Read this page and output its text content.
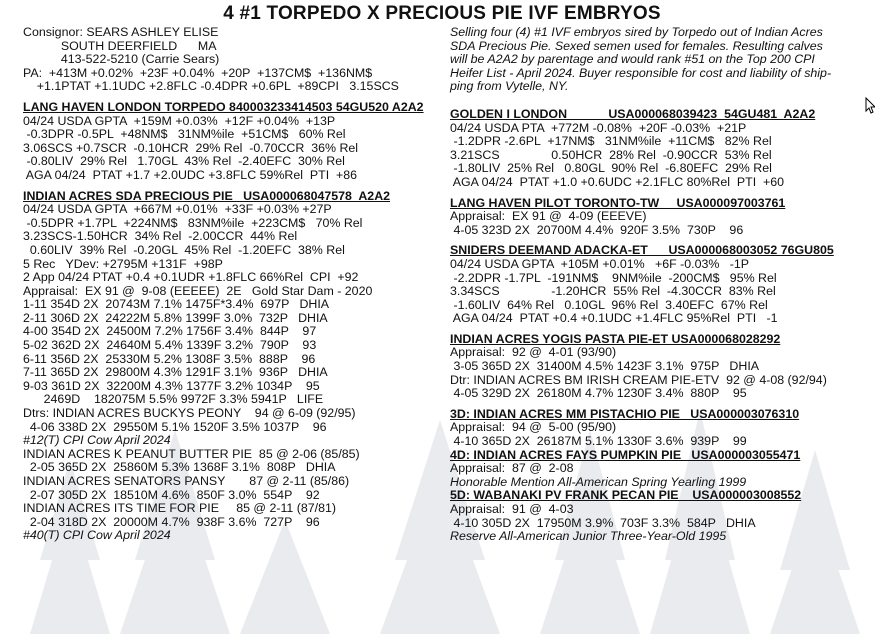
4 #1 TORPEDO X PRECIOUS PIE IVF EMBRYOS
Consignor: SEARS ASHLEY ELISE
SOUTH DEERFIELD      MA
413-522-5210 (Carrie Sears)
PA:  +413M +0.02%  +23F +0.04%  +20P  +137CM$  +136NM$
+1.1PTAT +1.1UDC +2.8FLC -0.4DPR +0.6PL  +89CPI   3.15SCS
LANG HAVEN LONDON TORPEDO 840003233414503 54GU520 A2A2
04/24 USDA GPTA  +159M +0.03%  +12F +0.04%  +13P
-0.3DPR -0.5PL  +48NM$   31NM%ile  +51CM$   60% Rel
3.06SCS +0.7SCR  -0.10HCR  29% Rel  -0.70CCR  36% Rel
-0.80LIV  29% Rel   1.70GL  43% Rel  -2.40EFC  30% Rel
AGA 04/24  PTAT +1.7 +2.0UDC +3.8FLC 59%Rel  PTI  +86
INDIAN ACRES SDA PRECIOUS PIE   USA000068047578  A2A2
04/24 USDA GPTA  +667M +0.01%  +33F +0.03% +27P
-0.5DPR +1.7PL  +224NM$   83NM%ile  +223CM$   70% Rel
3.23SCS-1.50HCR  34% Rel  -2.00CCR  44% Rel
0.60LIV  39% Rel  -0.20GL  45% Rel  -1.20EFC  38% Rel
5 Rec   YDev: +2795M +131F  +98P
2 App 04/24 PTAT +0.4 +0.1UDR +1.8FLC 66%Rel  CPI  +92
Appraisal:  EX 91 @  9-08 (EEEEE)  2E   Gold Star Dam - 2020
1-11 354D 2X  20743M 7.1% 1475F*3.4%  697P   DHIA
2-11 306D 2X  24222M 5.8% 1399F 3.0%  732P   DHIA
4-00 354D 2X  24500M 7.2% 1756F 3.4%  844P    97
5-02 362D 2X  24640M 5.4% 1339F 3.2%  790P    93
6-11 356D 2X  25330M 5.2% 1308F 3.5%  888P    96
7-11 365D 2X  29800M 4.3% 1291F 3.1%  936P   DHIA
9-03 361D 2X  32200M 4.3% 1377F 3.2% 1034P    95
2469D    182075M 5.5% 9972F 3.3% 5941P   LIFE
Dtrs: INDIAN ACRES BUCKYS PEONY    94 @ 6-09 (92/95)
4-06 338D 2X  29550M 5.1% 1520F 3.5% 1037P    96
#12(T) CPI Cow April 2024
INDIAN ACRES K PEANUT BUTTER PIE  85 @ 2-06 (85/85)
2-05 365D 2X  25860M 5.3% 1368F 3.1%  808P   DHIA
INDIAN ACRES SENATORS PANSY       87 @ 2-11 (85/86)
2-07 305D 2X  18510M 4.6%  850F 3.0%  554P    92
INDIAN ACRES ITS TIME FOR PIE     85 @ 2-11 (87/81)
2-04 318D 2X  20000M 4.7%  938F 3.6%  727P    96
#40(T) CPI Cow April 2024
Selling four (4) #1 IVF embryos sired by Torpedo out of Indian Acres
SDA Precious Pie. Sexed semen used for females. Resulting calves
will be A2A2 by parentage and would rank #51 on the Top 200 CPI
Heifer List - April 2024. Buyer responsible for cost and liability of ship-
ping from Vytelle, NY.
GOLDEN I LONDON            USA000068039423  54GU481  A2A2
04/24 USDA PTA  +772M -0.08%  +20F -0.03%  +21P
-1.2DPR -2.6PL  +17NM$   31NM%ile  +11CM$   82% Rel
3.21SCS               0.50HCR  28% Rel  -0.90CCR  53% Rel
-1.80LIV  25% Rel   0.80GL  90% Rel  -6.80EFC  29% Rel
AGA 04/24  PTAT +1.0 +0.6UDC +2.1FLC 80%Rel  PTI  +60
LANG HAVEN PILOT TORONTO-TW     USA000097003761
Appraisal:  EX 91 @  4-09 (EEEVE)
4-05 323D 2X  20700M 4.4%  920F 3.5%  730P    96
SNIDERS DEEMAND ADACKA-ET      USA000068003052 76GU805
04/24 USDA GPTA  +105M +0.01%   +6F -0.03%   -1P
-2.2DPR -1.7PL  -191NM$    9NM%ile  -200CM$   95% Rel
3.34SCS               -1.20HCR  55% Rel  -4.30CCR  83% Rel
-1.60LIV  64% Rel   0.10GL  96% Rel  3.40EFC  67% Rel
AGA 04/24  PTAT +0.4 +0.1UDC +1.4FLC 95%Rel  PTI   -1
INDIAN ACRES YOGIS PASTA PIE-ET USA000068028292
Appraisal:  92 @  4-01 (93/90)
3-05 365D 2X  31400M 4.5% 1423F 3.1%  975P   DHIA
Dtr: INDIAN ACRES BM IRISH CREAM PIE-ETV  92 @ 4-08 (92/94)
4-05 329D 2X  26180M 4.7% 1230F 3.4%  880P    95
3D: INDIAN ACRES MM PISTACHIO PIE   USA000003076310
Appraisal:  94 @  5-00 (95/90)
4-10 365D 2X  26187M 5.1% 1330F 3.6%  939P    99
4D: INDIAN ACRES FAYS PUMPKIN PIE   USA000003055471
Appraisal:  87 @  2-08
Honorable Mention All-American Spring Yearling 1999
5D: WABANAKI PV FRANK PECAN PIE    USA000003008552
Appraisal:  91 @  4-03
4-10 305D 2X  17950M 3.9%  703F 3.3%  584P   DHIA
Reserve All-American Junior Three-Year-Old 1995
